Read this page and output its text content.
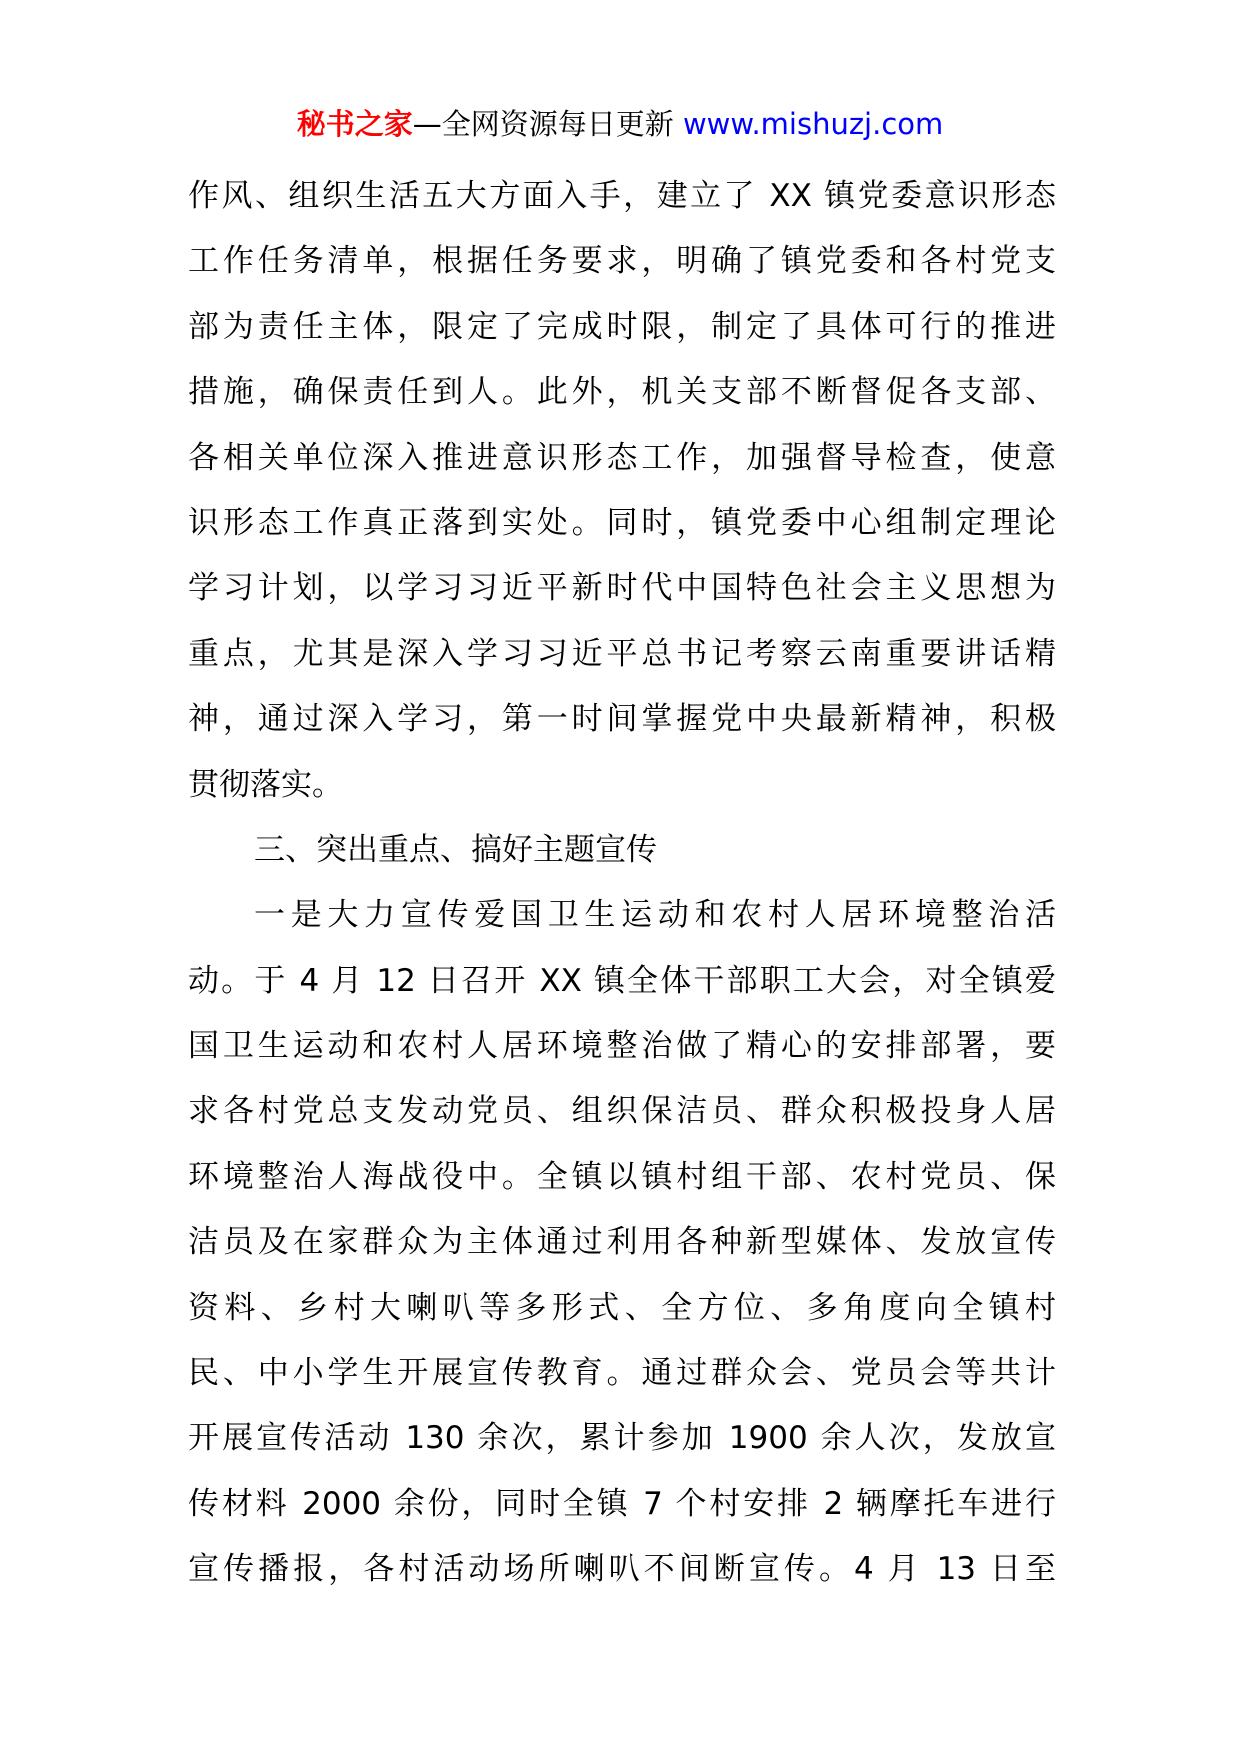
秘书之家—全网资源每日更新 www.mishuzj.com
作风、组织生活五大方面入手，建立了 XX 镇党委意识形态
工作任务清单，根据任务要求，明确了镇党委和各村党支
部为责任主体，限定了完成时限，制定了具体可行的推进
措施，确保责任到人。此外，机关支部不断督促各支部、
各相关单位深入推进意识形态工作，加强督导检查，使意
识形态工作真正落到实处。同时，镇党委中心组制定理论
学习计划，以学习习近平新时代中国特色社会主义思想为
重点，尤其是深入学习习近平总书记考察云南重要讲话精
神，通过深入学习，第一时间掌握党中央最新精神，积极
贯彻落实。
三、突出重点、搞好主题宣传
一是大力宣传爱国卫生运动和农村人居环境整治活
动。于 4 月 12 日召开 XX 镇全体干部职工大会，对全镇爱
国卫生运动和农村人居环境整治做了精心的安排部署，要
求各村党总支发动党员、组织保洁员、群众积极投身人居
环境整治人海战役中。全镇以镇村组干部、农村党员、保
洁员及在家群众为主体通过利用各种新型媒体、发放宣传
资料、乡村大喇叭等多形式、全方位、多角度向全镇村
民、中小学生开展宣传教育。通过群众会、党员会等共计
开展宣传活动 130 余次，累计参加 1900 余人次，发放宣
传材料 2000 余份，同时全镇 7 个村安排 2 辆摩托车进行
宣传播报，各村活动场所喇叭不间断宣传。4 月 13 日至
